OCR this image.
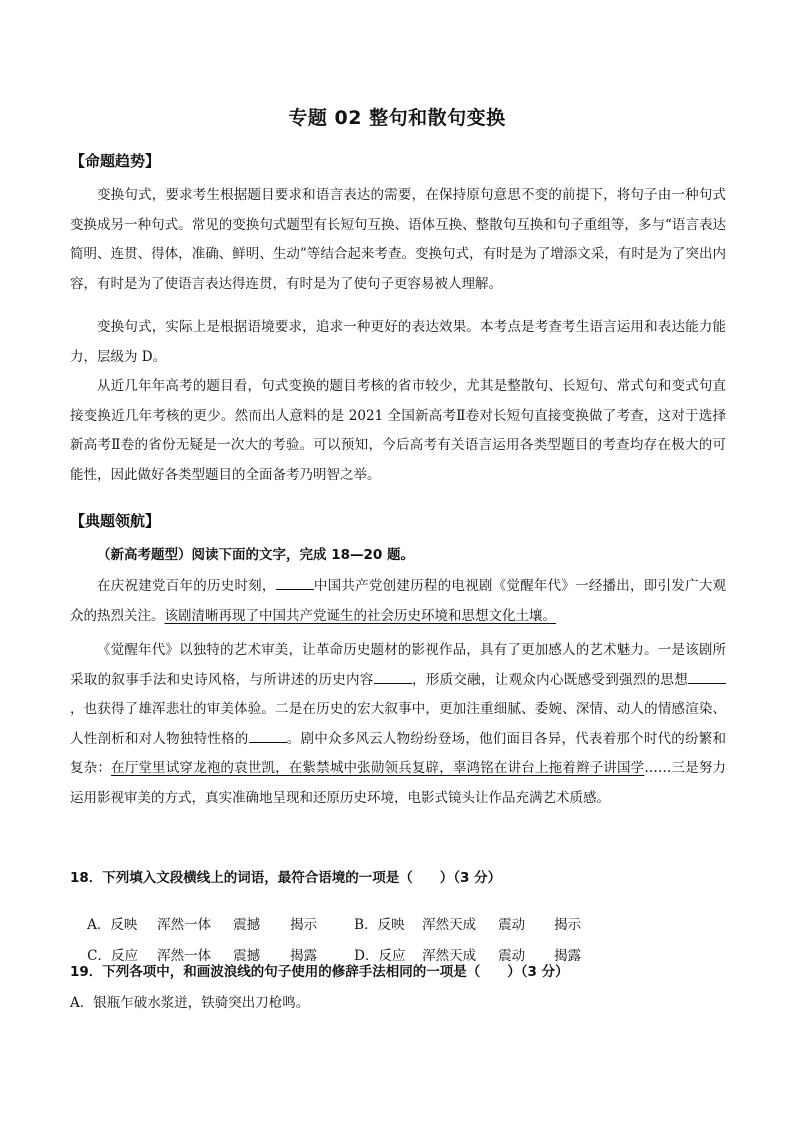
专题 02 整句和散句变换
【命题趋势】
变换句式，要求考生根据题目要求和语言表达的需要，在保持原句意思不变的前提下，将句子由一种句式变换成另一种句式。常见的变换句式题型有长短句互换、语体互换、整散句互换和句子重组等，多与“语言表达简明、连贯、得体，准确、鲜明、生动”等结合起来考查。变换句式，有时是为了增添文采，有时是为了突出内容，有时是为了使语言表达得连贯，有时是为了使句子更容易被人理解。
变换句式，实际上是根据语境要求，追求一种更好的表达效果。本考点是考查考生语言运用和表达能力能力，层级为 D。
从近几年年高考的题目看，句式变换的题目考核的省市较少，尤其是整散句、长短句、常式句和变式句直接变换近几年考核的更少。然而出人意料的是 2021 全国新高考Ⅱ卷对长短句直接变换做了考查，这对于选择新高考Ⅱ卷的省份无疑是一次大的考验。可以预知，今后高考有关语言运用各类型题目的考查均存在极大的可能性，因此做好各类型题目的全面备考乃明智之举。
【典题领航】
（新高考题型）阅读下面的文字，完成 18—20 题。
在庆祝建党百年的历史时刻，	中国共产党创建历程的电视剧《觉醒年代》一经播出，即引发广大观众的热烈关注。该剧清晰再现了中国共产党诞生的社会历史环境和思想文化土壤。
《觉醒年代》以独特的艺术审美，让革命历史题材的影视作品，具有了更加感人的艺术魅力。一是该剧所采取的叙事手法和史诗风格，与所讲述的历史内容	，形质交融，让观众内心既感受到强烈的思想，也获得了雄浑悲壮的审美体验。二是在历史的宏大叙事中，更加注重细腻、委婉、深情、动人的情感渲染、人性剖析和对人物独特性格的	。剧中众多风云人物纷纷登场，他们面目各异，代表着那个时代的纷繁和复杂：在厅堂里试穿龙袍的袁世凯，在紫禁城中张勋领兵复辟，辜鸿铭在讲台上拖着辫子讲国学……三是努力运用影视审美的方式，真实准确地呈现和还原历史环境，电影式镜头让作品充满艺术质感。
18．下列填入文段横线上的词语，最符合语境的一项是（　　）（3 分）

A．反映 浑然一体 震撼 揭示	B．反映 浑然天成 震动 揭示

C．反应 浑然一体 震撼 揭露	D．反应 浑然天成 震动 揭露

19．下列各项中，和画波浪线的句子使用的修辞手法相同的一项是（　　）（3 分）
A．银瓶乍破水浆迸，铁骑突出刀枪鸣。
